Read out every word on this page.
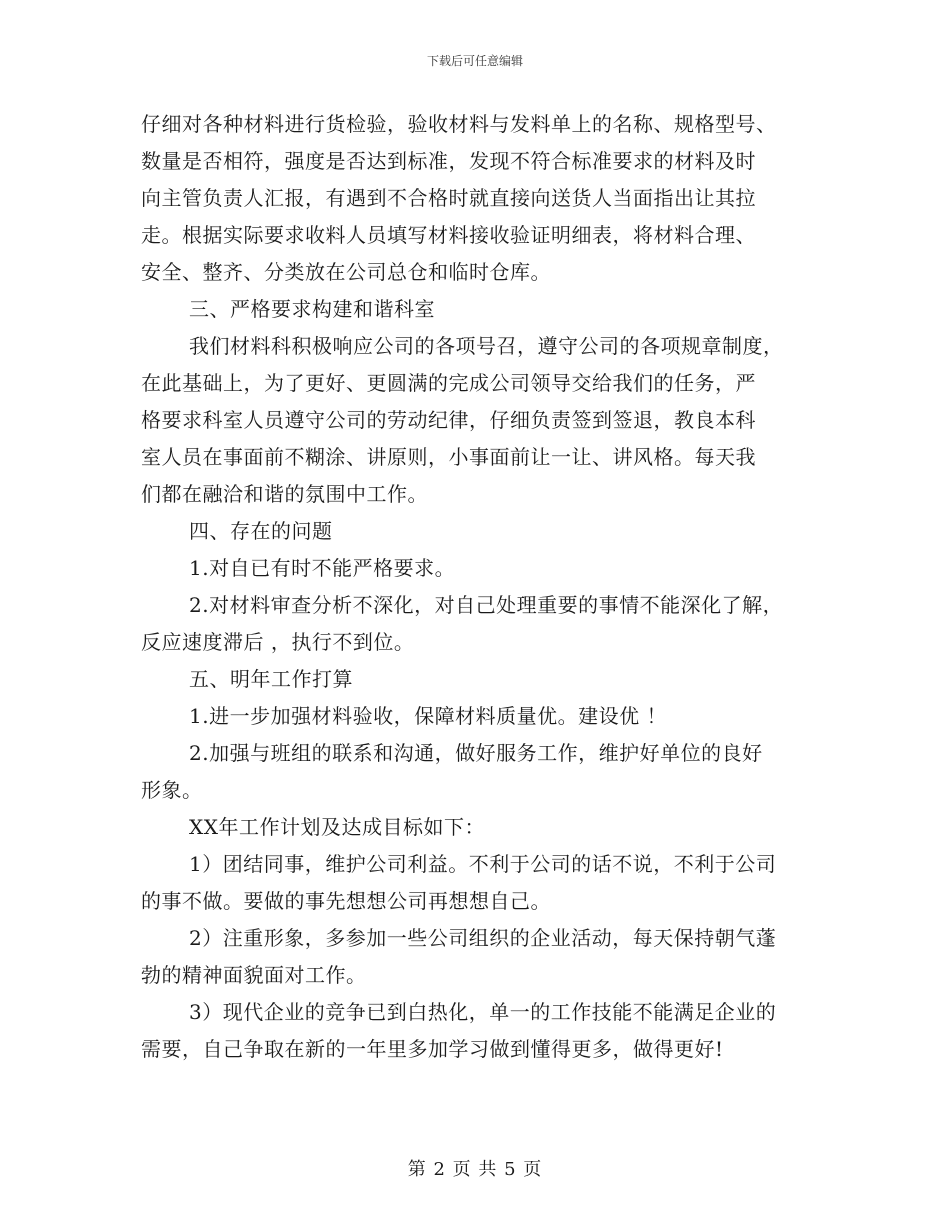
下载后可任意编辑
仔细对各种材料进行货检验，验收材料与发料单上的名称、规格型号、
数量是否相符，强度是否达到标准，发现不符合标准要求的材料及时
向主管负责人汇报，有遇到不合格时就直接向送货人当面指出让其拉
走。根据实际要求收料人员填写材料接收验证明细表，将材料合理、
安全、整齐、分类放在公司总仓和临时仓库。
三、严格要求构建和谐科室
我们材料科积极响应公司的各项号召，遵守公司的各项规章制度，
在此基础上，为了更好、更圆满的完成公司领导交给我们的任务，严
格要求科室人员遵守公司的劳动纪律，仔细负责签到签退，教良本科
室人员在事面前不糊涂、讲原则，小事面前让一让、讲风格。每天我
们都在融洽和谐的氛围中工作。
四、存在的问题
1.对自已有时不能严格要求。
2.对材料审查分析不深化，对自己处理重要的事情不能深化了解，
反应速度滞后 ，执行不到位。
五、明年工作打算
1.进一步加强材料验收，保障材料质量优。建设优 ！
2.加强与班组的联系和沟通，做好服务工作，维护好单位的良好
形象。
XX年工作计划及达成目标如下：
1）团结同事，维护公司利益。不利于公司的话不说，不利于公司
的事不做。要做的事先想想公司再想想自己。
2）注重形象，多参加一些公司组织的企业活动，每天保持朝气蓬
勃的精神面貌面对工作。
3）现代企业的竞争已到白热化，单一的工作技能不能满足企业的
需要，自己争取在新的一年里多加学习做到懂得更多，做得更好!
第 2 页 共 5 页
